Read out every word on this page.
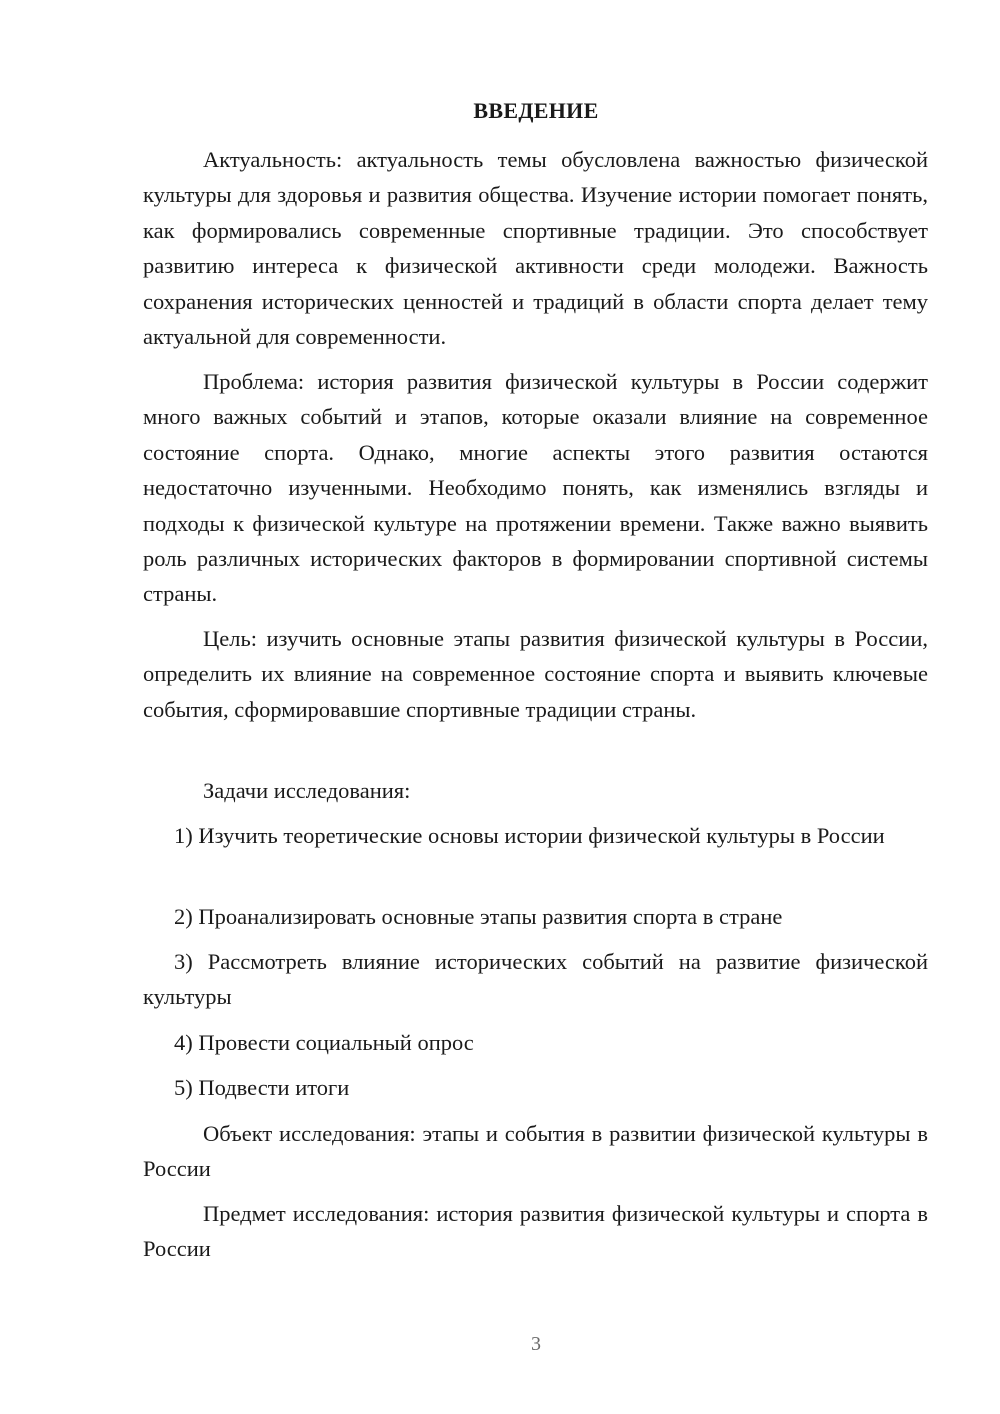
ВВЕДЕНИЕ

Актуальность: актуальность темы обусловлена важностью физической культуры для здоровья и развития общества. Изучение истории помогает понять, как формировались современные спортивные традиции. Это способствует развитию интереса к физической активности среди молодежи. Важность сохранения исторических ценностей и традиций в области спорта делает тему актуальной для современности.

Проблема: история развития физической культуры в России содержит много важных событий и этапов, которые оказали влияние на современное состояние спорта. Однако, многие аспекты этого развития остаются недостаточно изученными. Необходимо понять, как изменялись взгляды и подходы к физической культуре на протяжении времени. Также важно выявить роль различных исторических факторов в формировании спортивной системы страны.

Цель: изучить основные этапы развития физической культуры в России, определить их влияние на современное состояние спорта и выявить ключевые события, сформировавшие спортивные традиции страны.

Задачи исследования:

1) Изучить теоретические основы истории физической культуры в России

2) Проанализировать основные этапы развития спорта в стране

3) Рассмотреть влияние исторических событий на развитие физической культуры

4) Провести социальный опрос

5) Подвести итоги

Объект исследования: этапы и события в развитии физической культуры в России

Предмет исследования: история развития физической культуры и спорта в России

3
